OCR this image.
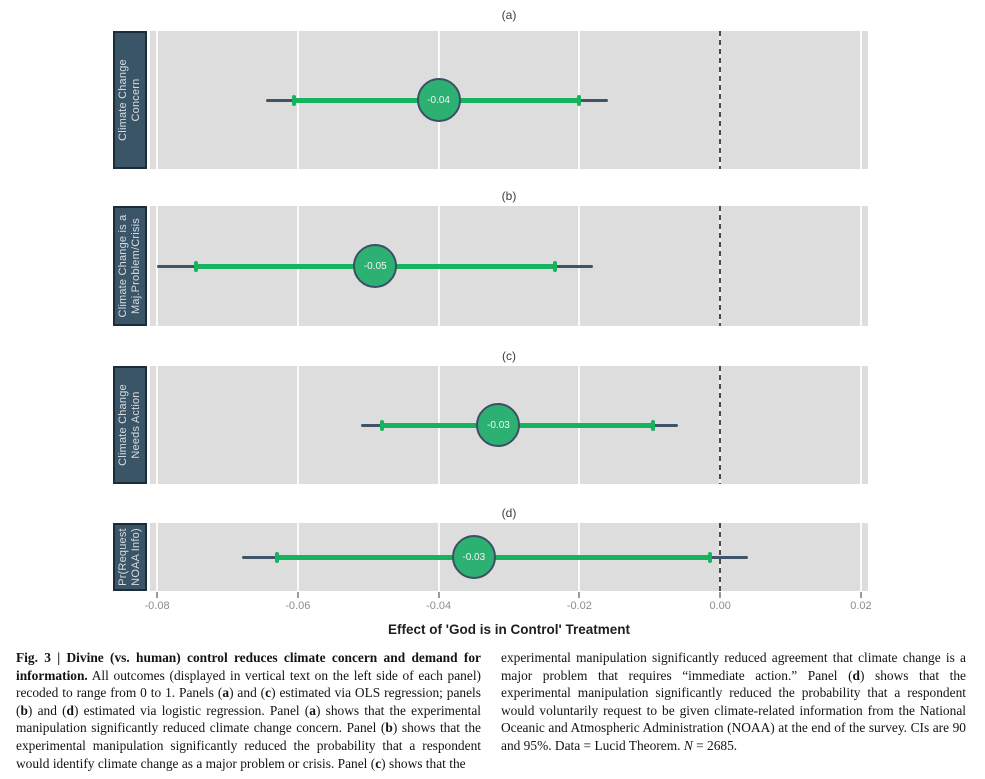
(a)
Climate Change Concern	-0.04
(b)
Climate Change is a Maj.Problem/Crisis	-0.05
(c)
Climate Change Needs Action	-0.03
(d)
Pr(Request NOAA Info)	-0.03
-0.08	-0.06	-0.04	-0.02	0.00	0.02
Effect of 'God is in Control' Treatment
Fig. 3 | Divine (vs. human) control reduces climate concern and demand for information. All outcomes (displayed in vertical text on the left side of each panel) recoded to range from 0 to 1. Panels (a) and (c) estimated via OLS regression; panels (b) and (d) estimated via logistic regression. Panel (a) shows that the experimental manipulation significantly reduced climate change concern. Panel (b) shows that the experimental manipulation significantly reduced the probability that a respondent would identify climate change as a major problem or crisis. Panel (c) shows that the
experimental manipulation significantly reduced agreement that climate change is a major problem that requires “immediate action.” Panel (d) shows that the experimental manipulation significantly reduced the probability that a respondent would voluntarily request to be given climate-related information from the National Oceanic and Atmospheric Administration (NOAA) at the end of the survey. CIs are 90 and 95%. Data = Lucid Theorem. N = 2685.
